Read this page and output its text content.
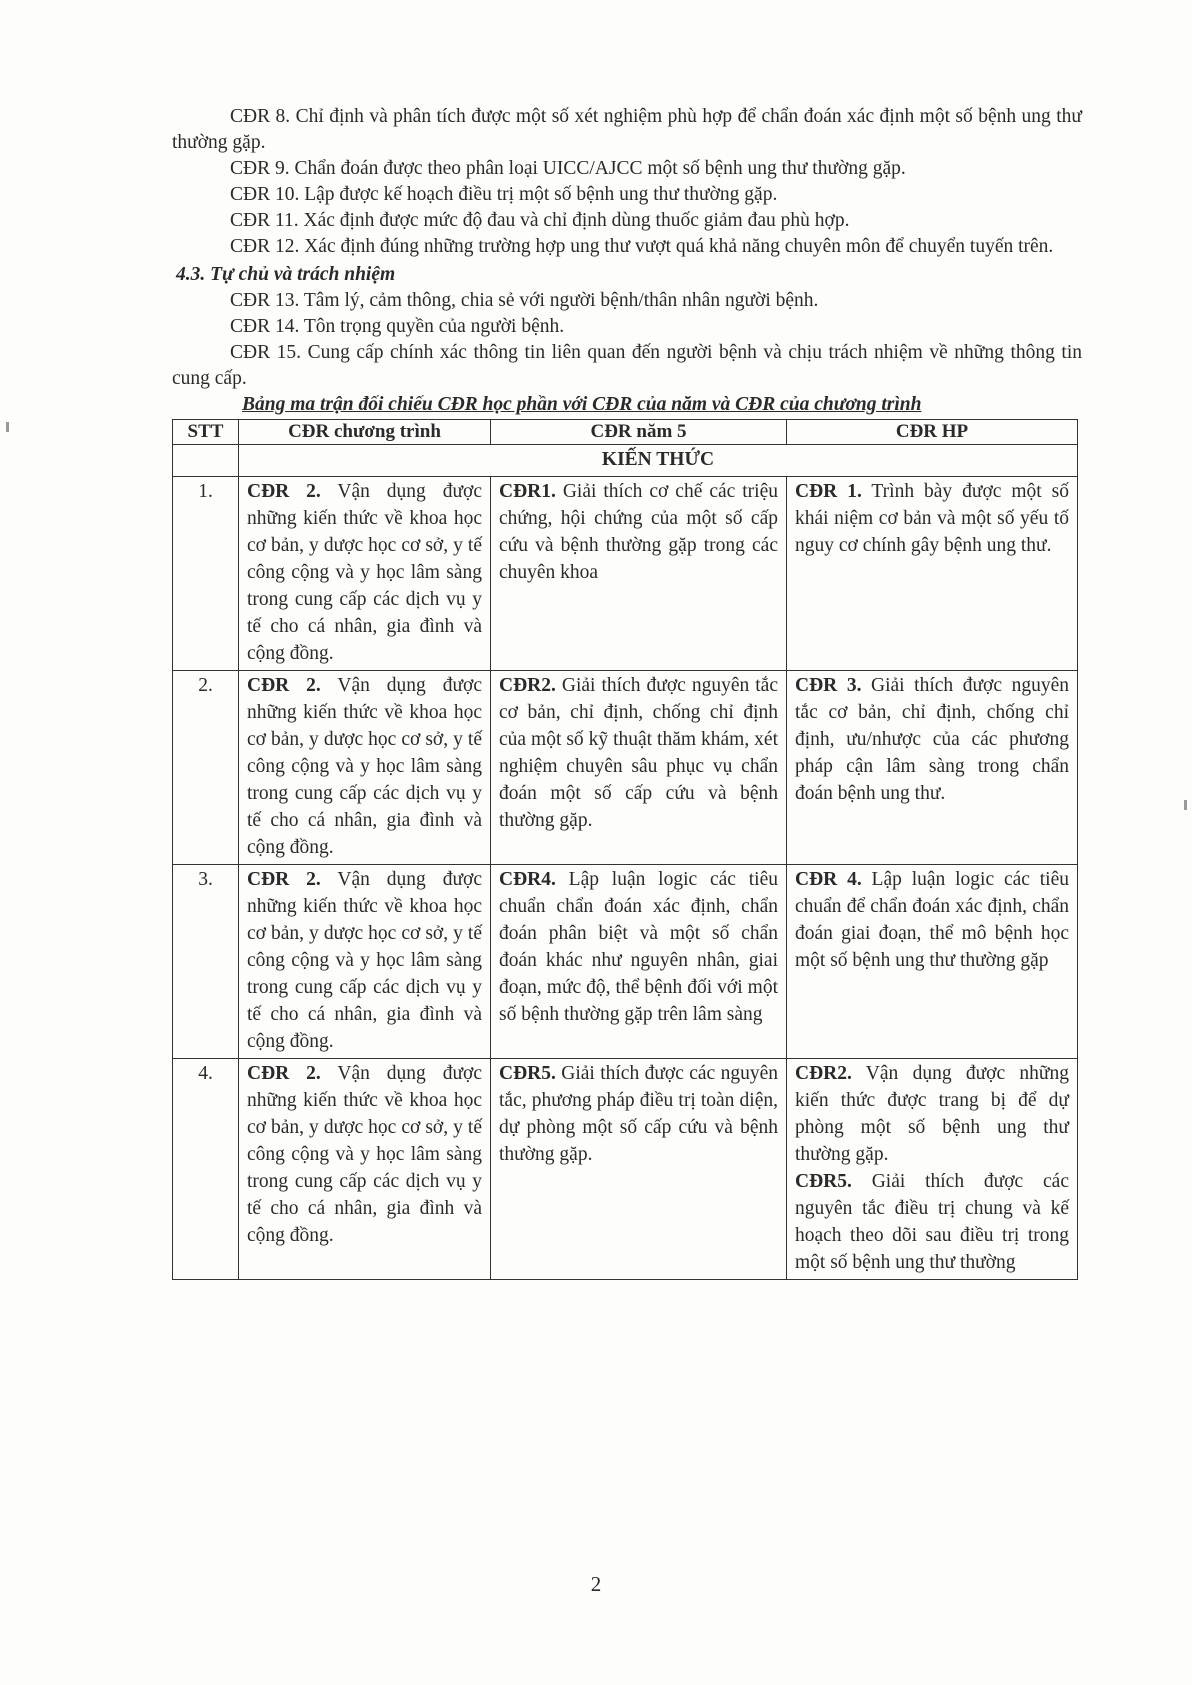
CĐR 8. Chỉ định và phân tích được một số xét nghiệm phù hợp để chẩn đoán xác định một số bệnh ung thư thường gặp.

CĐR 9. Chẩn đoán được theo phân loại UICC/AJCC một số bệnh ung thư thường gặp.

CĐR 10. Lập được kế hoạch điều trị một số bệnh ung thư thường gặp.

CĐR 11. Xác định được mức độ đau và chỉ định dùng thuốc giảm đau phù hợp.

CĐR 12. Xác định đúng những trường hợp ung thư vượt quá khả năng chuyên môn để chuyển tuyến trên.

4.3. Tự chủ và trách nhiệm

CĐR 13. Tâm lý, cảm thông, chia sẻ với người bệnh/thân nhân người bệnh.

CĐR 14. Tôn trọng quyền của người bệnh.

CĐR 15. Cung cấp chính xác thông tin liên quan đến người bệnh và chịu trách nhiệm về những thông tin cung cấp.

Bảng ma trận đối chiếu CĐR học phần với CĐR của năm và CĐR của chương trình

STT	CĐR chương trình	CĐR năm 5	CĐR HP
	KIẾN THỨC		
1.	CĐR 2. Vận dụng được những kiến thức về khoa học cơ bản, y dược học cơ sở, y tế công cộng và y học lâm sàng trong cung cấp các dịch vụ y tế cho cá nhân, gia đình và cộng đồng.	CĐR1. Giải thích cơ chế các triệu chứng, hội chứng của một số cấp cứu và bệnh thường gặp trong các chuyên khoa	CĐR 1. Trình bày được một số khái niệm cơ bản và một số yếu tố nguy cơ chính gây bệnh ung thư.
2.	CĐR 2. Vận dụng được những kiến thức về khoa học cơ bản, y dược học cơ sở, y tế công cộng và y học lâm sàng trong cung cấp các dịch vụ y tế cho cá nhân, gia đình và cộng đồng.	CĐR2. Giải thích được nguyên tắc cơ bản, chỉ định, chống chỉ định của một số kỹ thuật thăm khám, xét nghiệm chuyên sâu phục vụ chẩn đoán một số cấp cứu và bệnh thường gặp.	CĐR 3. Giải thích được nguyên tắc cơ bản, chỉ định, chống chỉ định, ưu/nhược của các phương pháp cận lâm sàng trong chẩn đoán bệnh ung thư.
3.	CĐR 2. Vận dụng được những kiến thức về khoa học cơ bản, y dược học cơ sở, y tế công cộng và y học lâm sàng trong cung cấp các dịch vụ y tế cho cá nhân, gia đình và cộng đồng.	CĐR4. Lập luận logic các tiêu chuẩn chẩn đoán xác định, chẩn đoán phân biệt và một số chẩn đoán khác như nguyên nhân, giai đoạn, mức độ, thể bệnh đối với một số bệnh thường gặp trên lâm sàng	CĐR 4. Lập luận logic các tiêu chuẩn để chẩn đoán xác định, chẩn đoán giai đoạn, thể mô bệnh học một số bệnh ung thư thường gặp
4.	CĐR 2. Vận dụng được những kiến thức về khoa học cơ bản, y dược học cơ sở, y tế công cộng và y học lâm sàng trong cung cấp các dịch vụ y tế cho cá nhân, gia đình và cộng đồng.	CĐR5. Giải thích được các nguyên tắc, phương pháp điều trị toàn diện, dự phòng một số cấp cứu và bệnh thường gặp.	CĐR2. Vận dụng được những kiến thức được trang bị để dự phòng một số bệnh ung thư thường gặp.
CĐR5. Giải thích được các nguyên tắc điều trị chung và kế hoạch theo dõi sau điều trị trong một số bệnh ung thư thường
2
